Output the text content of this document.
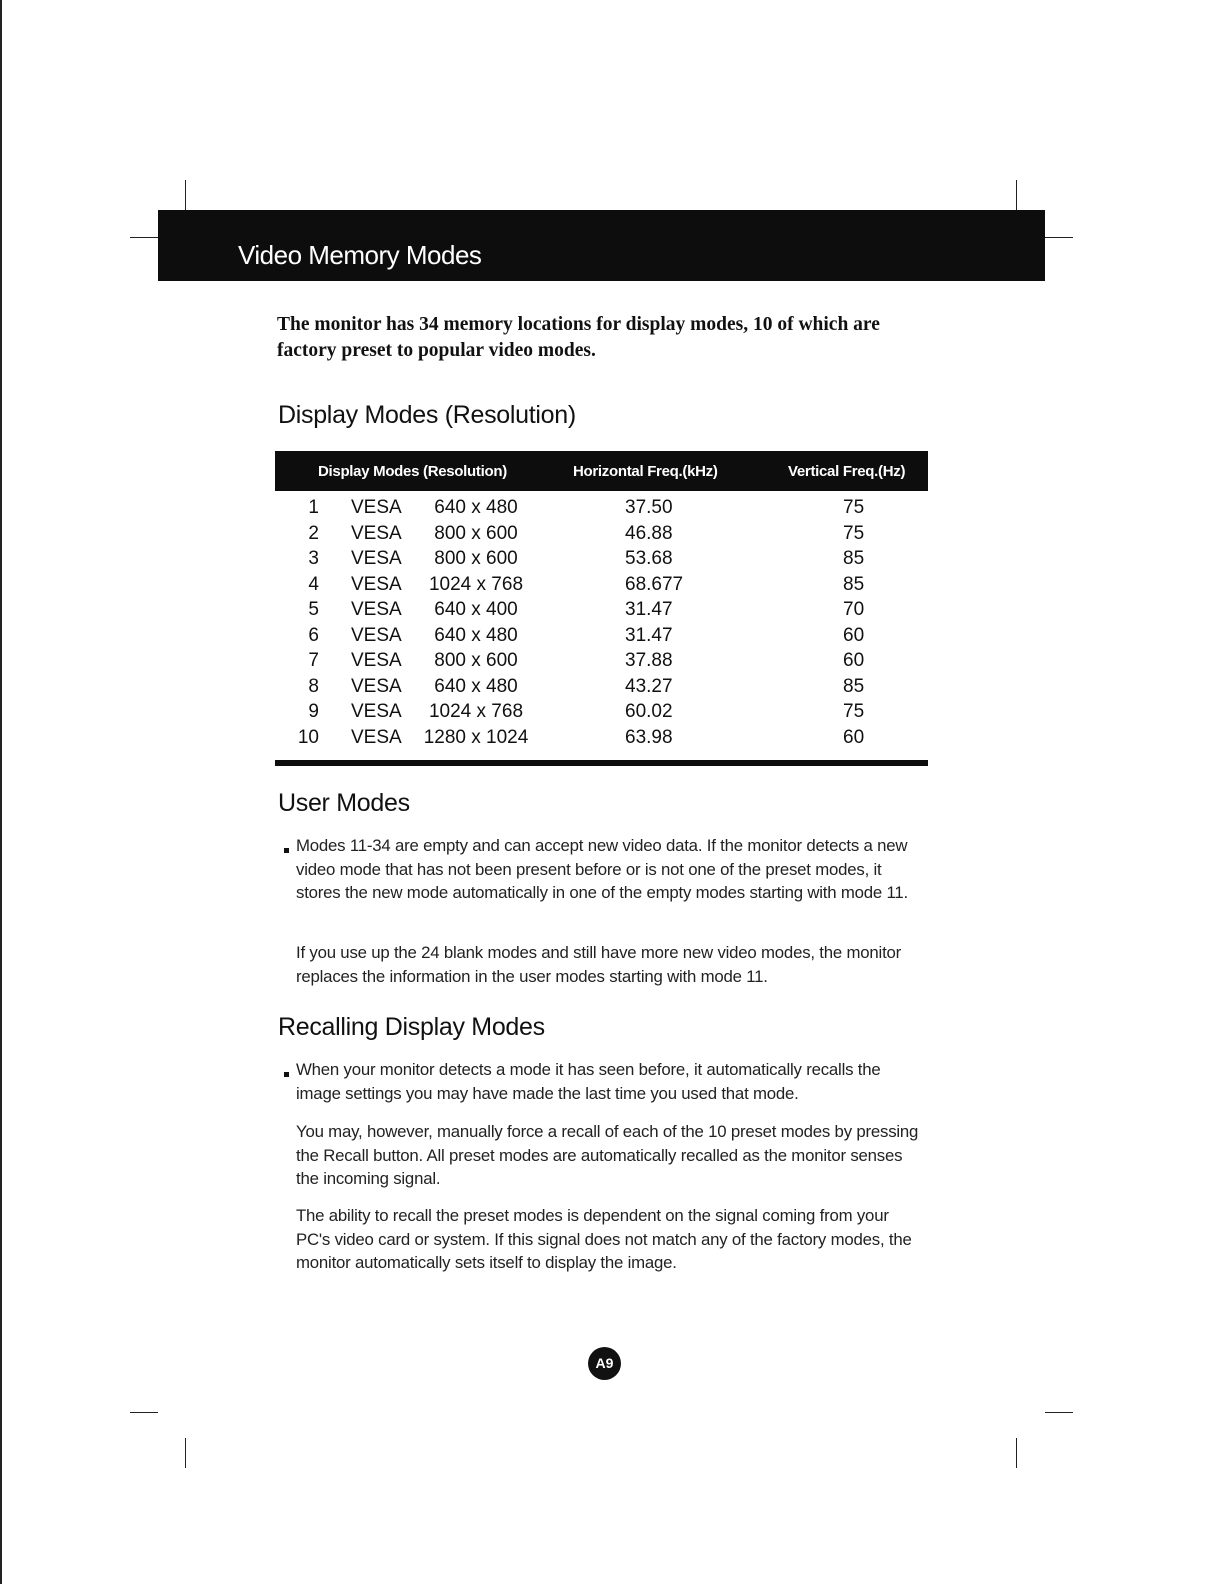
Video Memory Modes

The monitor has 34 memory locations for display modes, 10 of which are factory preset to popular video modes.

Display Modes (Resolution)
Display Modes (Resolution)	Horizontal Freq.(kHz)	Vertical Freq.(Hz)
1 VESA	640 x 480	37.50	75
2 VESA	800 x 600	46.88	75
3 VESA	800 x 600	53.68	85
4 VESA	1024 x 768	68.677	85
5 VESA	640 x 400	31.47	70
6 VESA	640 x 480	31.47	60
7 VESA	800 x 600	37.88	60
8 VESA	640 x 480	43.27	85
9 VESA	1024 x 768	60.02	75
10 VESA 1280 x 1024	63.98	60
User Modes

Modes 11-34 are empty and can accept new video data. If the monitor detects a new video mode that has not been present before or is not one of the preset modes, it stores the new mode automatically in one of the empty modes starting with mode 11.

If you use up the 24 blank modes and still have more new video modes, the monitor replaces the information in the user modes starting with mode 11.

Recalling Display Modes

When your monitor detects a mode it has seen before, it automatically recalls the image settings you may have made the last time you used that mode.

You may, however, manually force a recall of each of the 10 preset modes by pressing the Recall button. All preset modes are automatically recalled as the monitor senses the incoming signal.

The ability to recall the preset modes is dependent on the signal coming from your PC's video card or system. If this signal does not match any of the factory modes, the monitor automatically sets itself to display the image.

A9
